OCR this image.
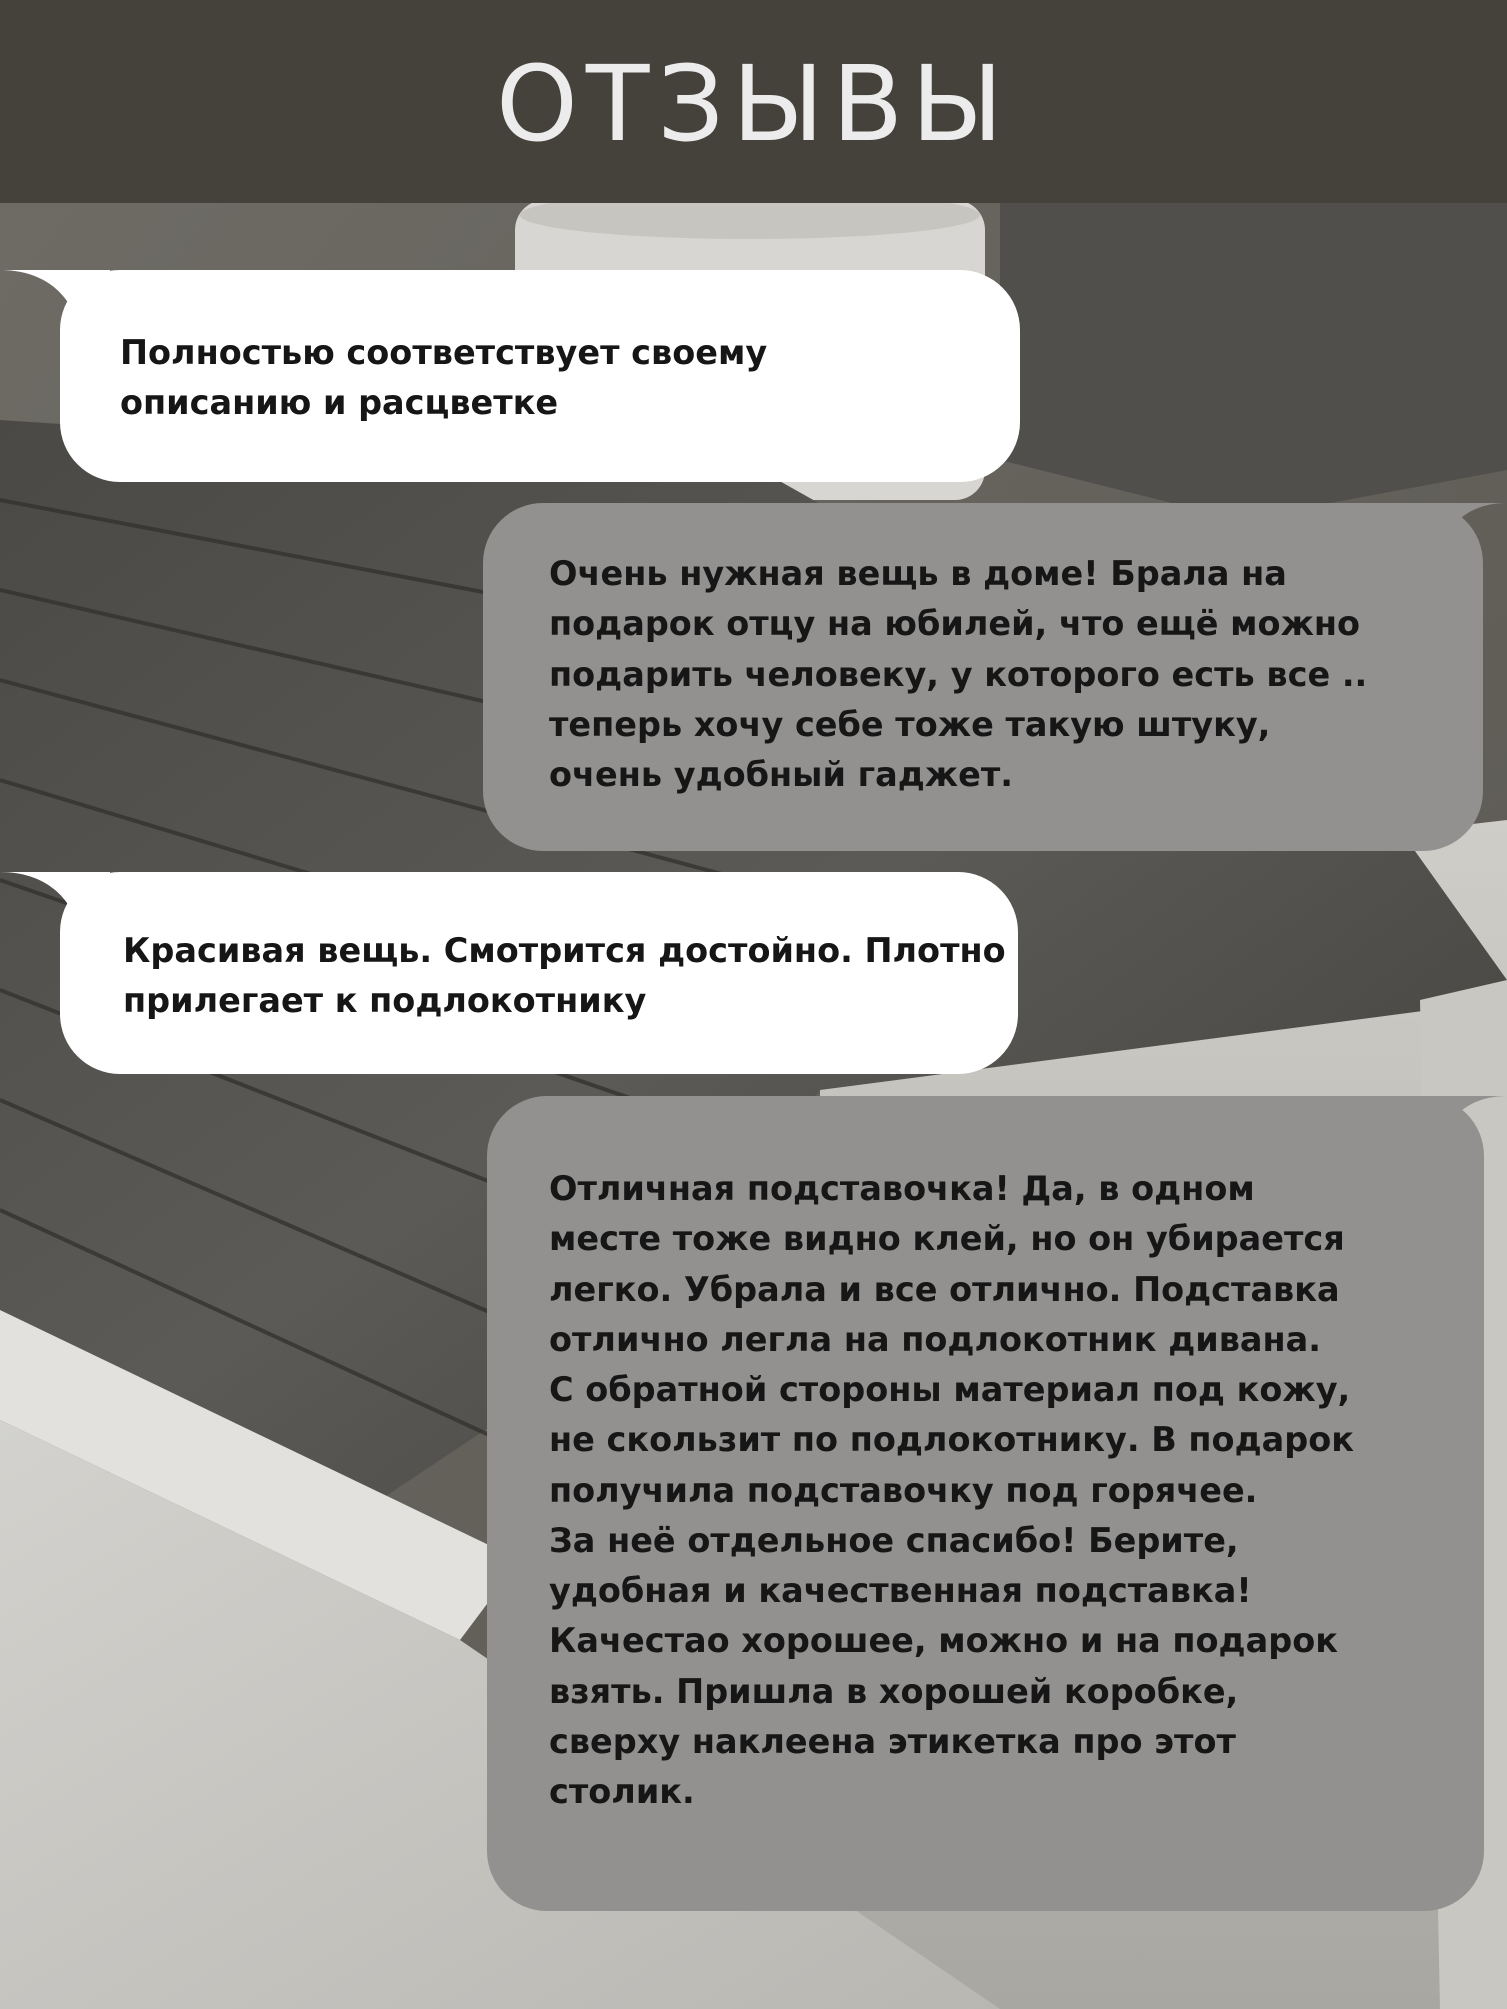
ОТЗЫВЫ

Полностью соответствует своему
описанию и расцветке

Очень нужная вещь в доме! Брала на
подарок отцу на юбилей, что ещё можно
подарить человеку, у которого есть все ..
теперь хочу себе тоже такую штуку,
очень удобный гаджет.

Красивая вещь. Смотрится достойно. Плотно
прилегает к подлокотнику

Отличная подставочка! Да, в одном
месте тоже видно клей, но он убирается
легко. Убрала и все отлично. Подставка
отлично легла на подлокотник дивана.
С обратной стороны материал под кожу,
не скользит по подлокотнику. В подарок
получила подставочку под горячее.
За неё отдельное спасибо! Берите,
удобная и качественная подставка!
Качестао хорошее, можно и на подарок
взять. Пришла в хорошей коробке,
сверху наклеена этикетка про этот
столик.
